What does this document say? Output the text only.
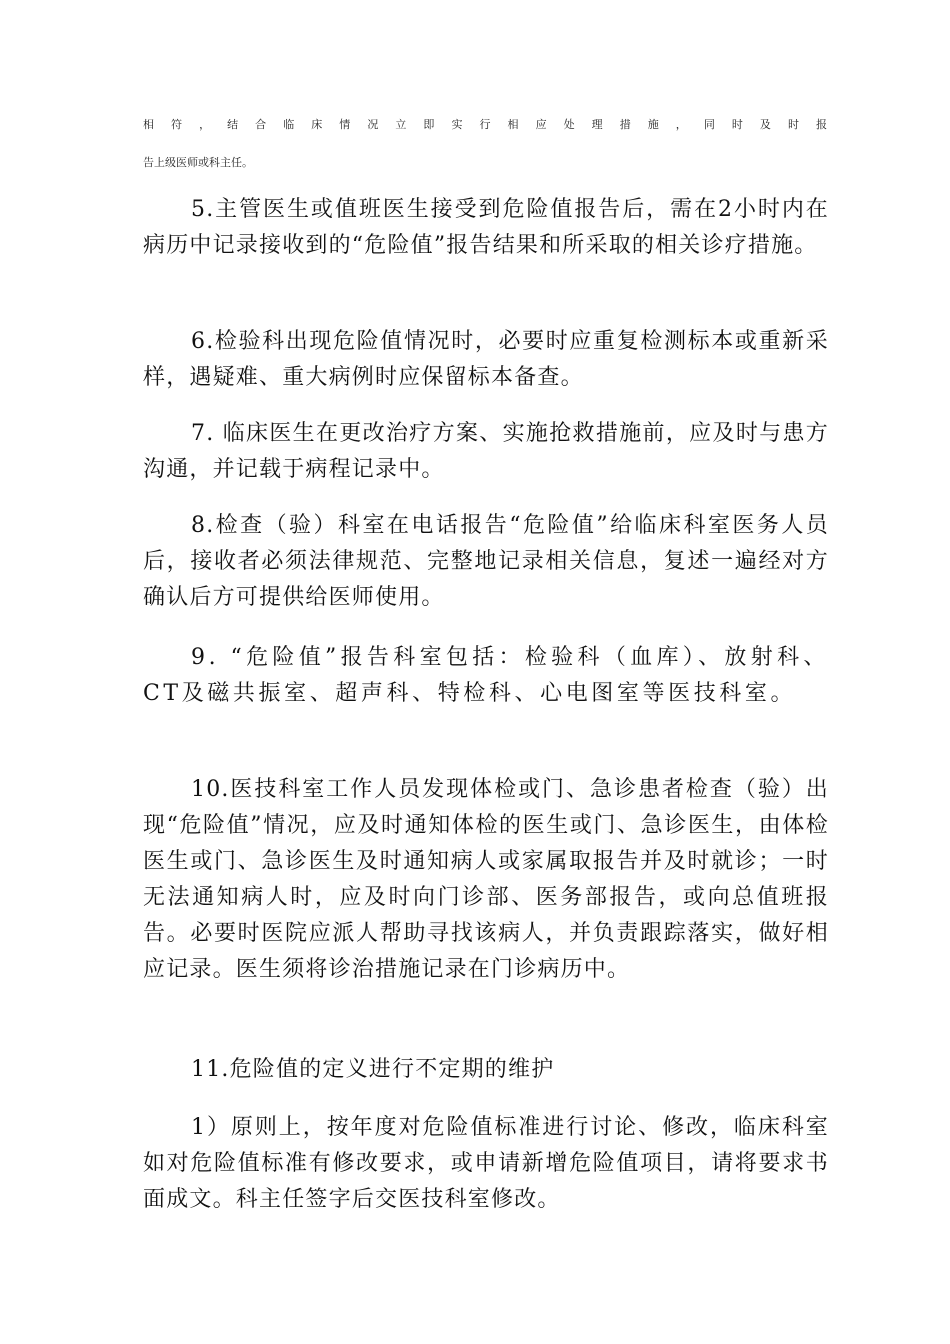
相 符 ， 结 合 临 床 情 况 立 即 实 行 相 应 处 理 措 施 ， 同 时 及 时 报
告上级医师或科主任。

5.主管医生或值班医生接受到危险值报告后，需在2小时内在病历中记录接收到的“危险值”报告结果和所采取的相关诊疗措施。

6.检验科出现危险值情况时，必要时应重复检测标本或重新采样，遇疑难、重大病例时应保留标本备查。

7. 临床医生在更改治疗方案、实施抢救措施前，应及时与患方沟通，并记载于病程记录中。

8.检查（验）科室在电话报告“危险值”给临床科室医务人员后，接收者必须法律规范、完整地记录相关信息，复述一遍经对方确认后方可提供给医师使用。

9. “危险值”报告科室包括：检验科（血库）、放射科、CT及磁共振室、超声科、特检科、心电图室等医技科室。

10.医技科室工作人员发现体检或门、急诊患者检查（验）出现“危险值”情况，应及时通知体检的医生或门、急诊医生，由体检医生或门、急诊医生及时通知病人或家属取报告并及时就诊；一时无法通知病人时，应及时向门诊部、医务部报告，或向总值班报告。必要时医院应派人帮助寻找该病人，并负责跟踪落实，做好相应记录。医生须将诊治措施记录在门诊病历中。

11.危险值的定义进行不定期的维护

1）原则上，按年度对危险值标准进行讨论、修改，临床科室如对危险值标准有修改要求，或申请新增危险值项目，请将要求书面成文。科主任签字后交医技科室修改。
